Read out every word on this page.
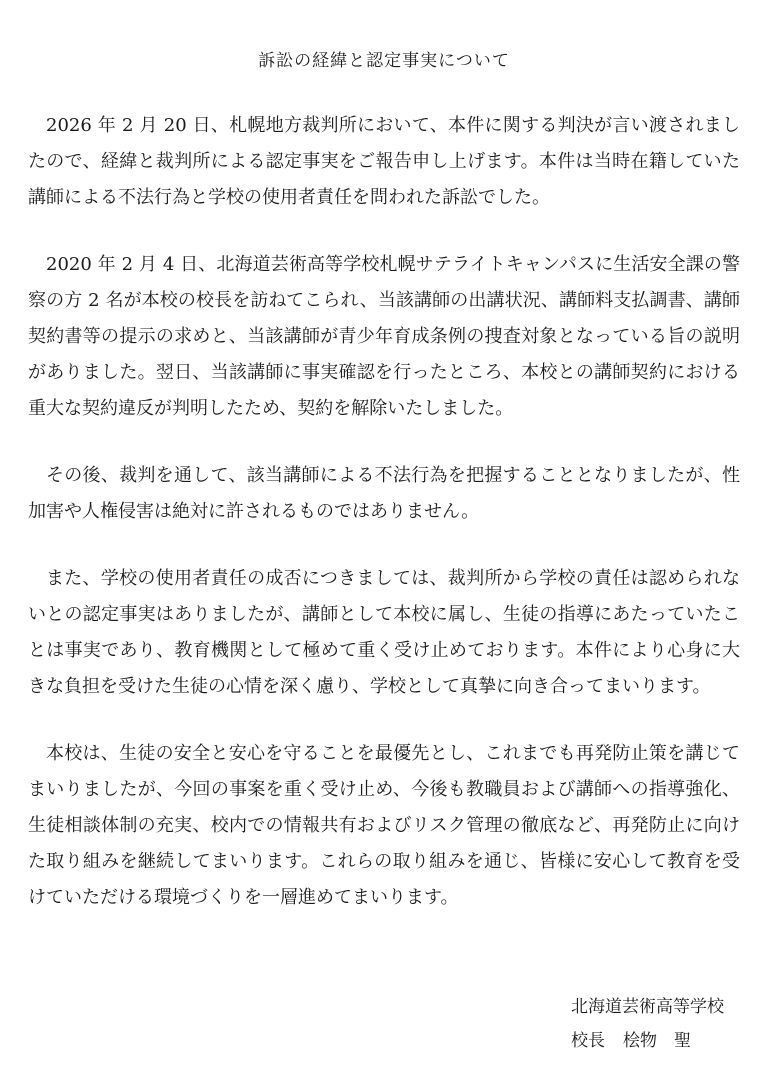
訴訟の経緯と認定事実について

2026 年 2 月 20 日、札幌地方裁判所において、本件に関する判決が言い渡されましたので、経緯と裁判所による認定事実をご報告申し上げます。本件は当時在籍していた講師による不法行為と学校の使用者責任を問われた訴訟でした。

2020 年 2 月 4 日、北海道芸術高等学校札幌サテライトキャンパスに生活安全課の警察の方 2 名が本校の校長を訪ねてこられ、当該講師の出講状況、講師料支払調書、講師契約書等の提示の求めと、当該講師が青少年育成条例の捜査対象となっている旨の説明がありました。翌日、当該講師に事実確認を行ったところ、本校との講師契約における重大な契約違反が判明したため、契約を解除いたしました。

その後、裁判を通して、該当講師による不法行為を把握することとなりましたが、性加害や人権侵害は絶対に許されるものではありません。

また、学校の使用者責任の成否につきましては、裁判所から学校の責任は認められないとの認定事実はありましたが、講師として本校に属し、生徒の指導にあたっていたことは事実であり、教育機関として極めて重く受け止めております。本件により心身に大きな負担を受けた生徒の心情を深く慮り、学校として真摯に向き合ってまいります。

本校は、生徒の安全と安心を守ることを最優先とし、これまでも再発防止策を講じてまいりましたが、今回の事案を重く受け止め、今後も教職員および講師への指導強化、生徒相談体制の充実、校内での情報共有およびリスク管理の徹底など、再発防止に向けた取り組みを継続してまいります。これらの取り組みを通じ、皆様に安心して教育を受けていただける環境づくりを一層進めてまいります。

北海道芸術高等学校
校長 桧物　聖
